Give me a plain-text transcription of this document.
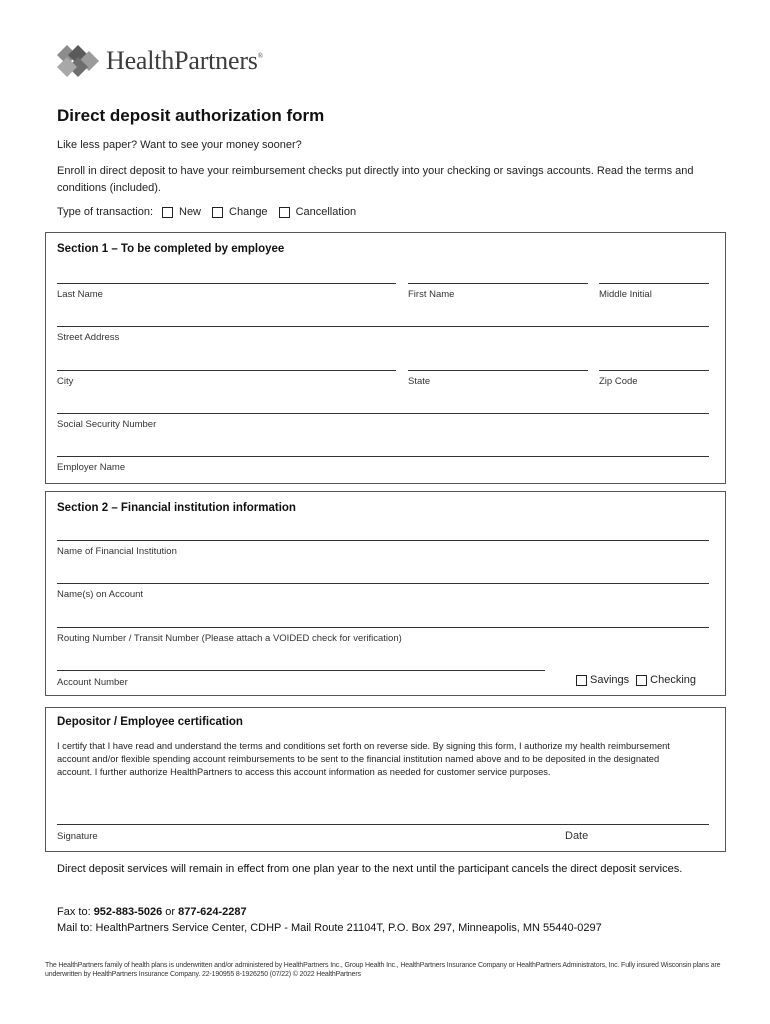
HealthPartners®
Direct deposit authorization form
Like less paper? Want to see your money sooner?
Enroll in direct deposit to have your reimbursement checks put directly into your checking or savings accounts. Read the terms and conditions (included).
Type of transaction: New	Change	Cancellation
Section 1 – To be completed by employee
Last Name	First Name	Middle Initial
Street Address
City	State	Zip Code
Social Security Number
Employer Name
Section 2 – Financial institution information
Name of Financial Institution
Name(s) on Account
Routing Number / Transit Number (Please attach a VOIDED check for verification)
Account Number	Savings Checking
Depositor / Employee certification
I certify that I have read and understand the terms and conditions set forth on reverse side. By signing this form, I authorize my health reimbursement account and/or flexible spending account reimbursements to be sent to the financial institution named above and to be deposited in the designated account. I further authorize HealthPartners to access this account information as needed for customer service purposes.
Signature	Date
Direct deposit services will remain in effect from one plan year to the next until the participant cancels the direct deposit services.
Fax to: 952-883-5026 or 877-624-2287
Mail to: HealthPartners Service Center, CDHP - Mail Route 21104T, P.O. Box 297, Minneapolis, MN 55440-0297
The HealthPartners family of health plans is underwritten and/or administered by HealthPartners Inc., Group Health Inc., HealthPartners Insurance Company or HealthPartners Administrators, Inc. Fully insured Wisconsin plans are underwritten by HealthPartners Insurance Company. 22-190955 8-1926250 (07/22) © 2022 HealthPartners
